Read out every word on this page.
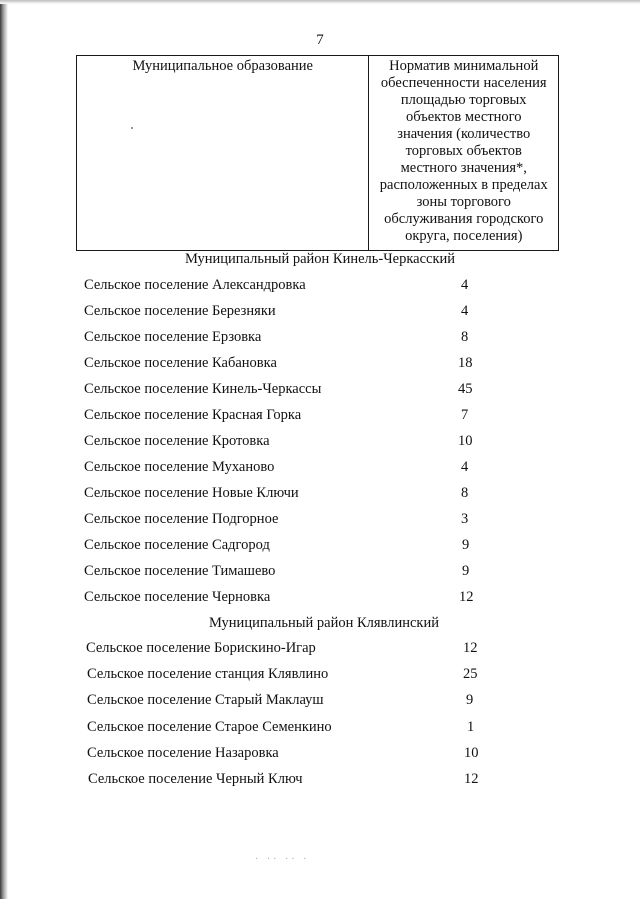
7
Муниципальное образование	Норматив минимальной
обеспеченности населения
площадью торговых
объектов местного
значения (количество
торговых объектов
местного значения*,
расположенных в пределах
зоны торгового
обслуживания городского
округа, поселения)
Муниципальный район Кинель-Черкасский
Сельское поселение Александровка	4
Сельское поселение Березняки	4
Сельское поселение Ерзовка	8
Сельское поселение Кабановка	18
Сельское поселение Кинель-Черкассы	45
Сельское поселение Красная Горка	7
Сельское поселение Кротовка	10
Сельское поселение Муханово	4
Сельское поселение Новые Ключи	8
Сельское поселение Подгорное	3
Сельское поселение Садгород	9
Сельское поселение Тимашево	9
Сельское поселение Черновка	12
Муниципальный район Клявлинский
Сельское поселение Борискино-Игар	12
Сельское поселение станция Клявлино	25
Сельское поселение Старый Маклауш	9
Сельское поселение Старое Семенкино	1
Сельское поселение Назаровка	10
Сельское поселение Черный Ключ	12
· ·· ·· ·
